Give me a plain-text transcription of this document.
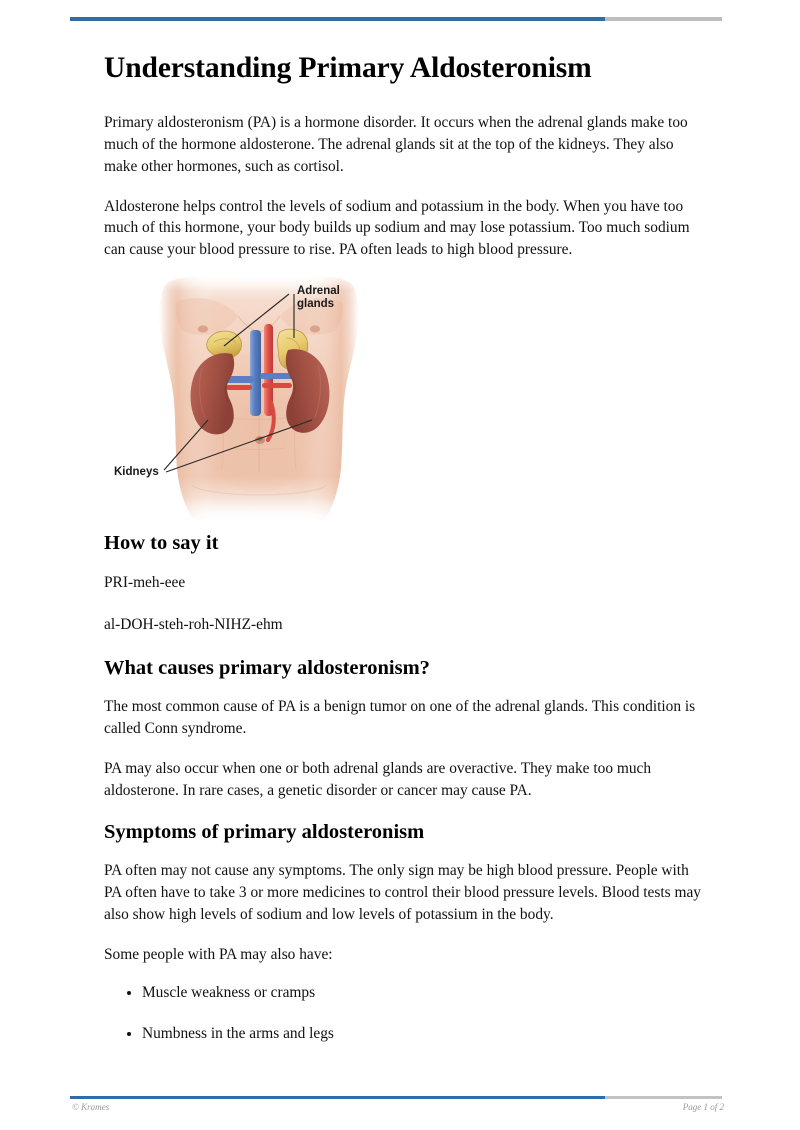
Understanding Primary Aldosteronism

Primary aldosteronism (PA) is a hormone disorder. It occurs when the adrenal glands make too much of the hormone aldosterone. The adrenal glands sit at the top of the kidneys. They also make other hormones, such as cortisol.

Aldosterone helps control the levels of sodium and potassium in the body. When you have too much of this hormone, your body builds up sodium and may lose potassium. Too much sodium can cause your blood pressure to rise. PA often leads to high blood pressure.

How to say it

PRI-meh-eee

al-DOH-steh-roh-NIHZ-ehm

What causes primary aldosteronism?

The most common cause of PA is a benign tumor on one of the adrenal glands. This condition is called Conn syndrome.

PA may also occur when one or both adrenal glands are overactive. They make too much aldosterone. In rare cases, a genetic disorder or cancer may cause PA.

Symptoms of primary aldosteronism

PA often may not cause any symptoms. The only sign may be high blood pressure. People with PA often have to take 3 or more medicines to control their blood pressure levels. Blood tests may also show high levels of sodium and low levels of potassium in the body.

Some people with PA may also have:

• Muscle weakness or cramps
• Numbness in the arms and legs
Adrenal
glands
Kidneys
© Krames	Page 1 of 2
